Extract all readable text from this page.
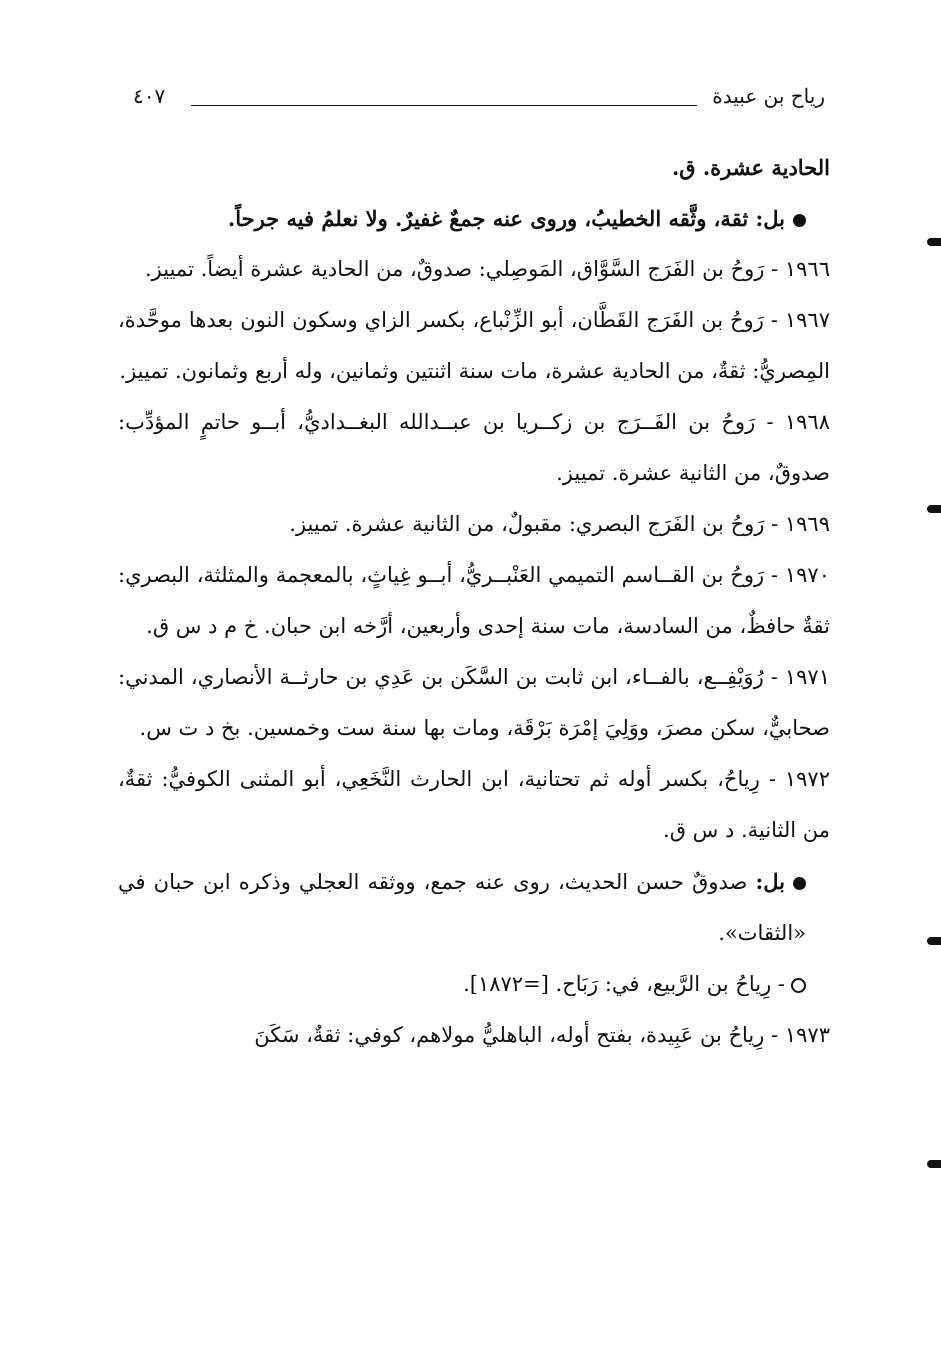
رياح بن عبيدة
٤٠٧

الحادية عشرة. ق.

بل: ثقة، وثَّقه الخطيبُ، وروى عنه جمعٌ غفيرٌ. ولا نعلمُ فيه جرحاً.

١٩٦٦ - رَوحُ بن الفَرَج السَّوَّاق، المَوصِلي: صدوقٌ، من الحادية عشرة أيضاً. تمييز.

١٩٦٧ - رَوحُ بن الفَرَج القَطَّان، أبو الزِّنْباع، بكسر الزاي وسكون النون بعدها موحَّدة، المِصريُّ: ثقةٌ، من الحادية عشرة، مات سنة اثنتين وثمانين، وله أربع وثمانون. تمييز.

١٩٦٨ - رَوحُ بن الفَــرَج بن زكــريا بن عبــدالله البغــداديُّ، أبــو حاتمٍ المؤدِّب: صدوقٌ، من الثانية عشرة. تمييز.

١٩٦٩ - رَوحُ بن الفَرَج البصري: مقبولٌ، من الثانية عشرة. تمييز.

١٩٧٠ - رَوحُ بن القــاسم التميمي العَنْبــريُّ، أبــو غِياثٍ، بالمعجمة والمثلثة، البصري: ثقةٌ حافظٌ، من السادسة، مات سنة إحدى وأربعين، أرَّخه ابن حبان. خ م د س ق.

١٩٧١ - رُوَيْفِــع، بالفــاء، ابن ثابت بن السَّكَن بن عَدِي بن حارثــة الأنصاري، المدني: صحابيٌّ، سكن مصرَ، ووَلِيَ إمْرَة بَرْقَة، ومات بها سنة ست وخمسين. بخ د ت س.

١٩٧٢ - رِياحُ، بكسر أوله ثم تحتانية، ابن الحارث النَّخَعِي، أبو المثنى الكوفيُّ: ثقةٌ، من الثانية. د س ق.

بل: صدوقٌ حسن الحديث، روى عنه جمع، ووثقه العجلي وذكره ابن حبان في «الثقات».

- رِياحُ بن الرَّبيع، في: رَبَاح. [=١٨٧٢].

١٩٧٣ - رِياحُ بن عَبِيدة، بفتح أوله، الباهليُّ مولاهم، كوفي: ثقةٌ، سَكَنَ
